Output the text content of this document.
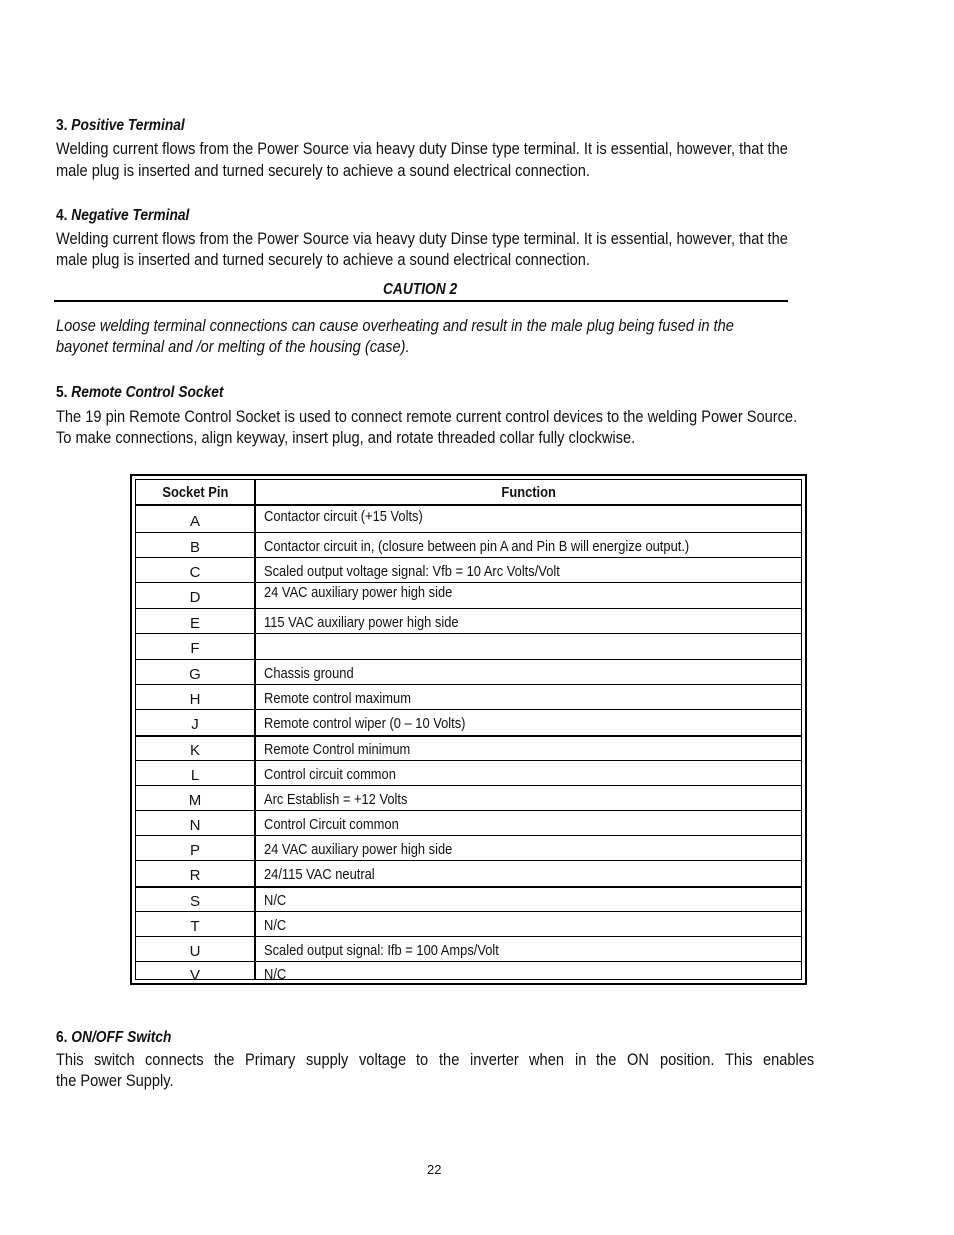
3. Positive Terminal
Welding current flows from the Power Source via heavy duty Dinse type terminal. It is essential, however, that the
male plug is inserted and turned securely to achieve a sound electrical connection.
4. Negative Terminal
Welding current flows from the Power Source via heavy duty Dinse type terminal. It is essential, however, that the
male plug is inserted and turned securely to achieve a sound electrical connection.
CAUTION 2
Loose welding terminal connections can cause overheating and result in the male plug being fused in the
bayonet terminal and /or melting of the housing (case).
5. Remote Control Socket
The 19 pin Remote Control Socket is used to connect remote current control devices to the welding Power Source.
To make connections, align keyway, insert plug, and rotate threaded collar fully clockwise.
Socket Pin	Function
A	Contactor circuit (+15 Volts)
B	Contactor circuit in, (closure between pin A and Pin B will energize output.)
C	Scaled output voltage signal: Vfb = 10 Arc Volts/Volt
D	24 VAC auxiliary power high side
E	115 VAC auxiliary power high side
F
G	Chassis ground
H	Remote control maximum
J	Remote control wiper (0 – 10 Volts)
K	Remote Control minimum
L	Control circuit common
M	Arc Establish = +12 Volts
N	Control Circuit common
P	24 VAC auxiliary power high side
R	24/115 VAC neutral
S	N/C
T	N/C
U	Scaled output signal: Ifb = 100 Amps/Volt
V	N/C
6. ON/OFF Switch
This switch connects the Primary supply voltage to the inverter when in the ON position. This enables
the Power Supply.
22
